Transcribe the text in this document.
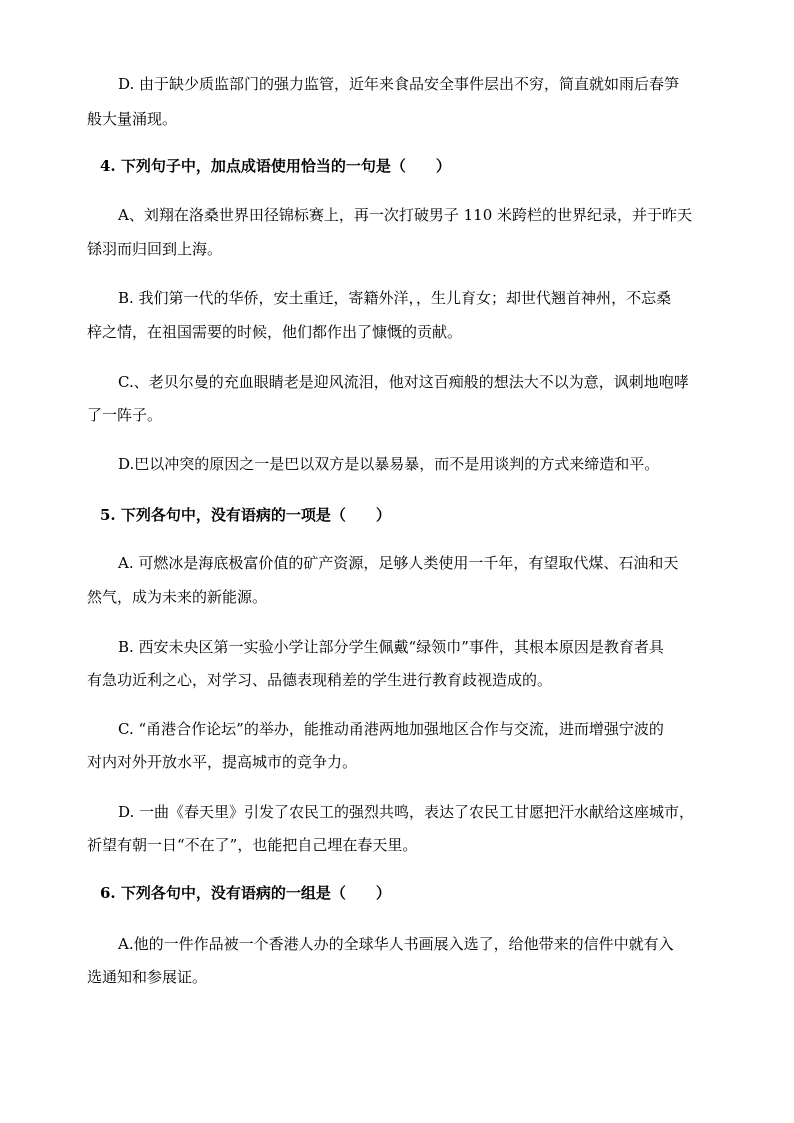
D. 由于缺少质监部门的强力监管，近年来食品安全事件层出不穷，简直就如雨后春笋
般大量涌现。
4. 下列句子中，加点成语使用恰当的一句是（　　）
A、刘翔在洛桑世界田径锦标赛上，再一次打破男子 110 米跨栏的世界纪录，并于昨天
铩羽而归回到上海。
B. 我们第一代的华侨，安土重迁，寄籍外洋，，生儿育女；却世代翘首神州，不忘桑
梓之情，在祖国需要的时候，他们都作出了慷慨的贡献。
C.、老贝尔曼的充血眼睛老是迎风流泪，他对这百痴般的想法大不以为意，讽刺地咆哮
了一阵子。
D.巴以冲突的原因之一是巴以双方是以暴易暴，而不是用谈判的方式来缔造和平。
5. 下列各句中，没有语病的一项是（　　）
A. 可燃冰是海底极富价值的矿产资源，足够人类使用一千年，有望取代煤、石油和天
然气，成为未来的新能源。
B. 西安未央区第一实验小学让部分学生佩戴“绿领巾”事件，其根本原因是教育者具
有急功近利之心，对学习、品德表现稍差的学生进行教育歧视造成的。
C. “甬港合作论坛”的举办，能推动甬港两地加强地区合作与交流，进而增强宁波的
对内对外开放水平，提高城市的竞争力。
D. 一曲《春天里》引发了农民工的强烈共鸣，表达了农民工甘愿把汗水献给这座城市，
祈望有朝一日“不在了”，也能把自己埋在春天里。
6. 下列各句中，没有语病的一组是（　　）
A.他的一件作品被一个香港人办的全球华人书画展入选了，给他带来的信件中就有入
选通知和参展证。
